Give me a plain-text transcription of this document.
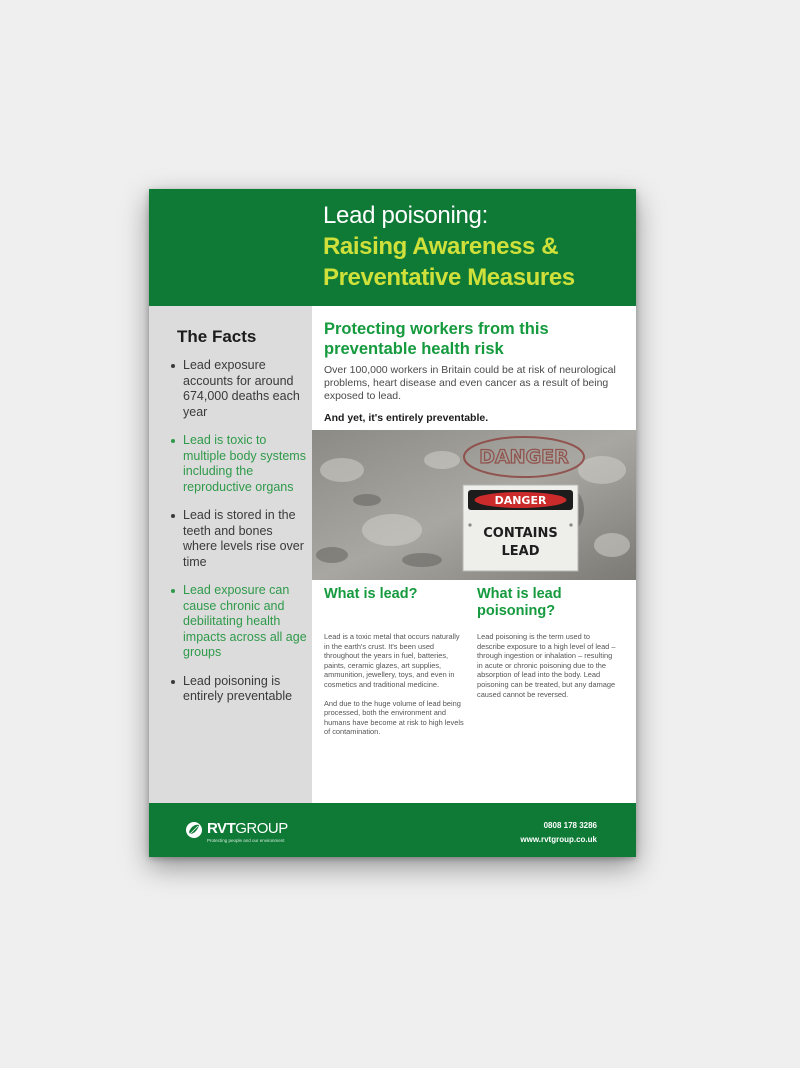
Lead poisoning:
Raising Awareness & Preventative Measures
The Facts
Lead exposure accounts for around 674,000 deaths each year
Lead is toxic to multiple body systems including the reproductive organs
Lead is stored in the teeth and bones where levels rise over time
Lead exposure can cause chronic and debilitating health impacts across all age groups
Lead poisoning is entirely preventable
Protecting workers from this preventable health risk

Over 100,000 workers in Britain could be at risk of neurological problems, heart disease and even cancer as a result of being exposed to lead.

And yet, it's entirely preventable.

DANGER
DANGER
CONTAINS
LEAD
What is lead?

Lead is a toxic metal that occurs naturally in the earth's crust. It's been used throughout the years in fuel, batteries, paints, ceramic glazes, art supplies, ammunition, jewellery, toys, and even in cosmetics and traditional medicine.

And due to the huge volume of lead being processed, both the environment and humans have become at risk to high levels of contamination.

What is lead poisoning?

Lead poisoning is the term used to describe exposure to a high level of lead – through ingestion or inhalation – resulting in acute or chronic poisoning due to the absorption of lead into the body. Lead poisoning can be treated, but any damage caused cannot be reversed.

RVTGROUP
Protecting people and our environment
0808 178 3286
www.rvtgroup.co.uk
